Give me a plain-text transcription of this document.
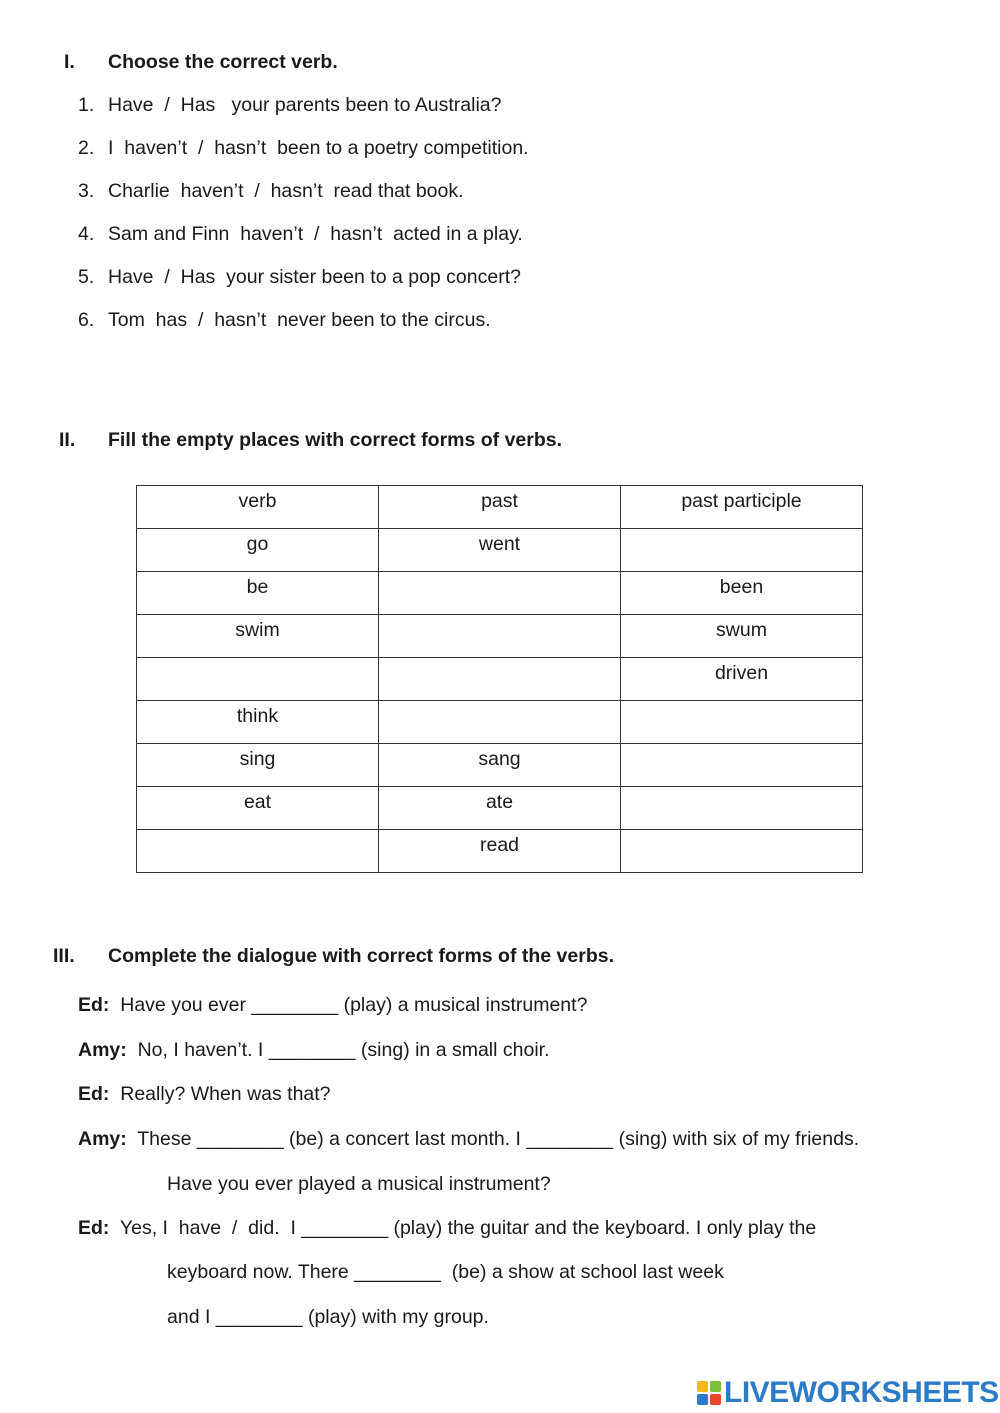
I. Choose the correct verb.
1. Have  /  Has   your parents been to Australia?
2. I  haven’t  /  hasn’t  been to a poetry competition.
3. Charlie  haven’t  /  hasn’t  read that book.
4. Sam and Finn  haven’t  /  hasn’t  acted in a play.
5. Have  /  Has  your sister been to a pop concert?
6. Tom  has  /  hasn’t  never been to the circus.
II. Fill the empty places with correct forms of verbs.
verb	past	past participle
go	went	
be		been
swim		swum
		driven
think		
sing	sang	
eat	ate	
	read	
III. Complete the dialogue with correct forms of the verbs.
Ed:  Have you ever ________ (play) a musical instrument?
Amy:  No, I haven’t. I ________ (sing) in a small choir.
Ed:  Really? When was that?
Amy:  These ________ (be) a concert last month. I ________ (sing) with six of my friends.
Have you ever played a musical instrument?
Ed:  Yes, I  have  /  did.  I ________ (play) the guitar and the keyboard. I only play the
keyboard now. There ________  (be) a show at school last week
and I ________ (play) with my group.
LIVEWORKSHEETS
